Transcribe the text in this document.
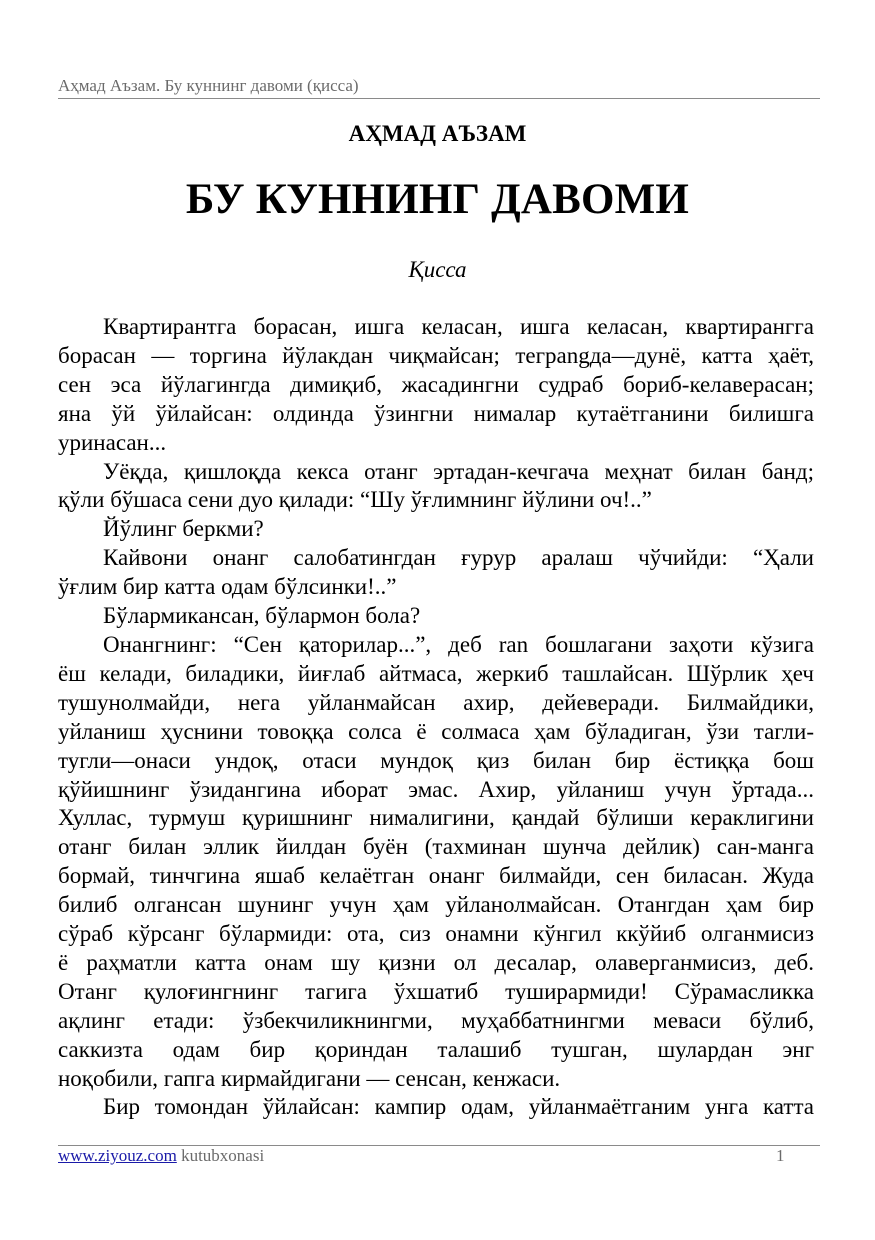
Аҳмад Аъзам. Бу куннинг давоми (қисса)
АҲМАД АЪЗАМ
БУ КУННИНГ ДАВОМИ
Қисса
Квартирантга борасан, ишга келасан, ишга келасан, квартирангга
борасан — торгина йўлакдан чиқмайсан; теграngда—дунё, катта ҳаёт,
сен эса йўлагингда димиқиб, жасадингни судраб бориб-келаверасан;
яна ўй ўйлайсан: олдинда ўзингни нималар кутаётганини билишга
уринасан...
Уёқда, қишлоқда кекса отанг эртадан-кечгача меҳнат билан банд;
қўли бўшаса сени дуо қилади: “Шу ўғлимнинг йўлини оч!..”
Йўлинг беркми?
Кайвони онанг салобатингдан ғурур аралаш чўчийди: “Ҳали
ўғлим бир катта одам бўлсинки!..”
Бўлармикансан, бўлармон бола?
Онангнинг: “Сен қаторилар...”, деб ran бошлагани заҳоти кўзига
ёш келади, биладики, йиғлаб айтмаса, жеркиб ташлайсан. Шўрлик ҳеч
тушунолмайди, нега уйланмайсан ахир, дейеверади. Билмайдики,
уйланиш ҳуснини товоққа солса ё солмаса ҳам бўладиган, ўзи тагли-
тугли—онаси ундоқ, отаси мундоқ қиз билан бир ёстиққа бош
қўйишнинг ўзидангина иборат эмас. Ахир, уйланиш учун ўртада...
Хуллас, турмуш қуришнинг нималигини, қандай бўлиши кераклигини
отанг билан эллик йилдан буён (тахминан шунча дейлик) сан-манга
бормай, тинчгина яшаб келаётган онанг билмайди, сен биласан. Жуда
билиб олгансан шунинг учун ҳам уйланолмайсан. Отангдан ҳам бир
сўраб кўрсанг бўлармиди: ота, сиз онамни кўнгил ккўйиб олганмисиз
ё раҳматли катта онам шу қизни ол десалар, олаверганмисиз, деб.
Отанг қулоғингнинг тагига ўхшатиб туширармиди! Сўрамасликка
ақлинг етади: ўзбекчиликнингми, муҳаббатнингми меваси бўлиб,
саккизта одам бир қориндан талашиб тушган, шулардан энг
ноқобили, гапга кирмайдигани — сенсан, кенжаси.
Бир томондан ўйлайсан: кампир одам, уйланмаётганим унга катта
www.ziyouz.com kutubxonasi	1
